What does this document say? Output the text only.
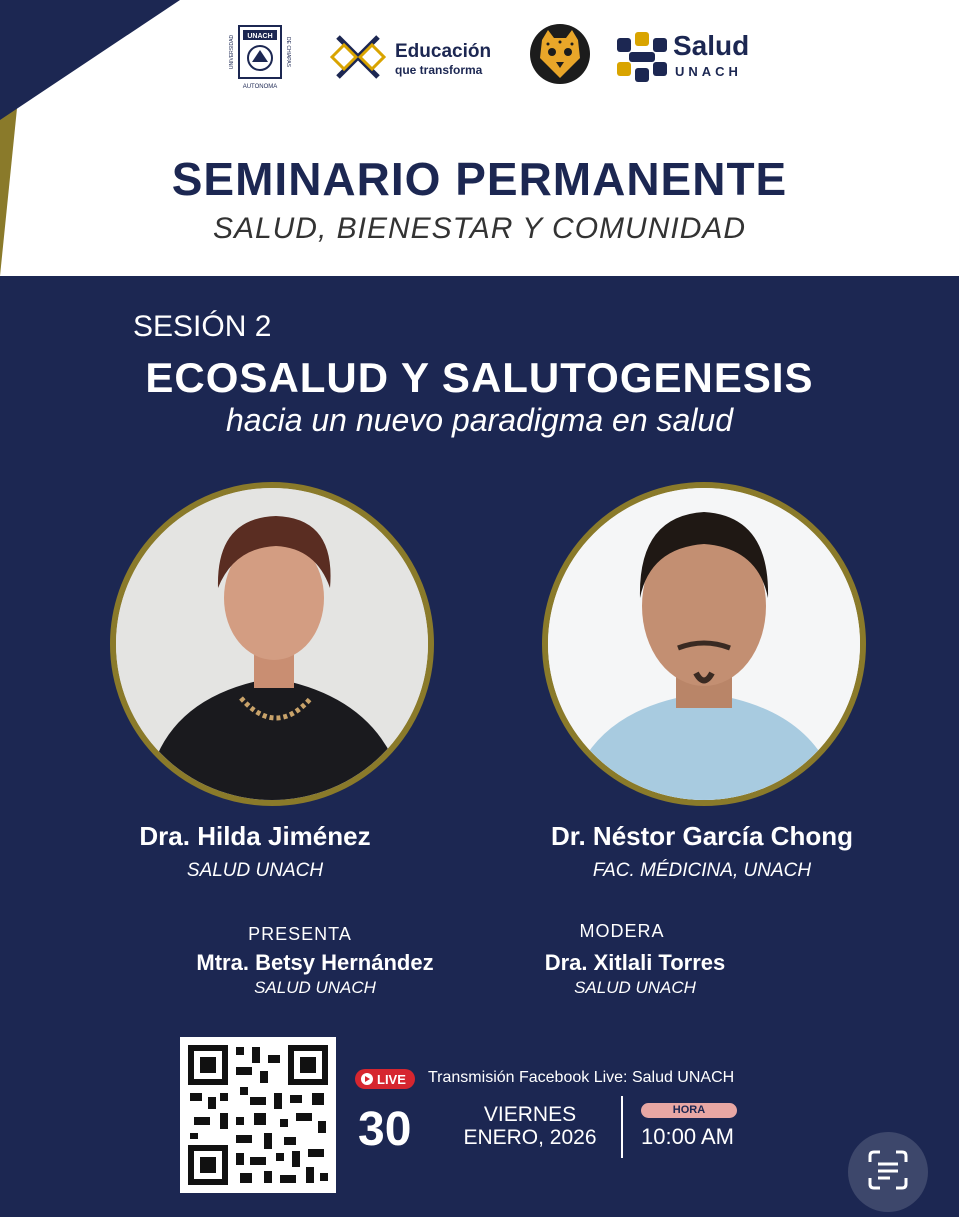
UNACH
AUTONOMA
UNIVERSIDAD	DE CHIAPAS	Educación
que transforma
Salud
UNACH
SEMINARIO PERMANENTE
SALUD, BIENESTAR Y COMUNIDAD
SESIÓN 2
ECOSALUD Y SALUTOGENESIS
hacia un nuevo paradigma en salud
Dra. Hilda Jiménez
SALUD UNACH
Dr. Néstor García Chong
FAC. MÉDICINA, UNACH
PRESENTA
Mtra. Betsy Hernández
SALUD UNACH
MODERA
Dra. Xitlali Torres
SALUD UNACH
LIVE Transmisión Facebook Live: Salud UNACH
30	VIERNES
ENERO, 2026
HORA
10:00 AM
